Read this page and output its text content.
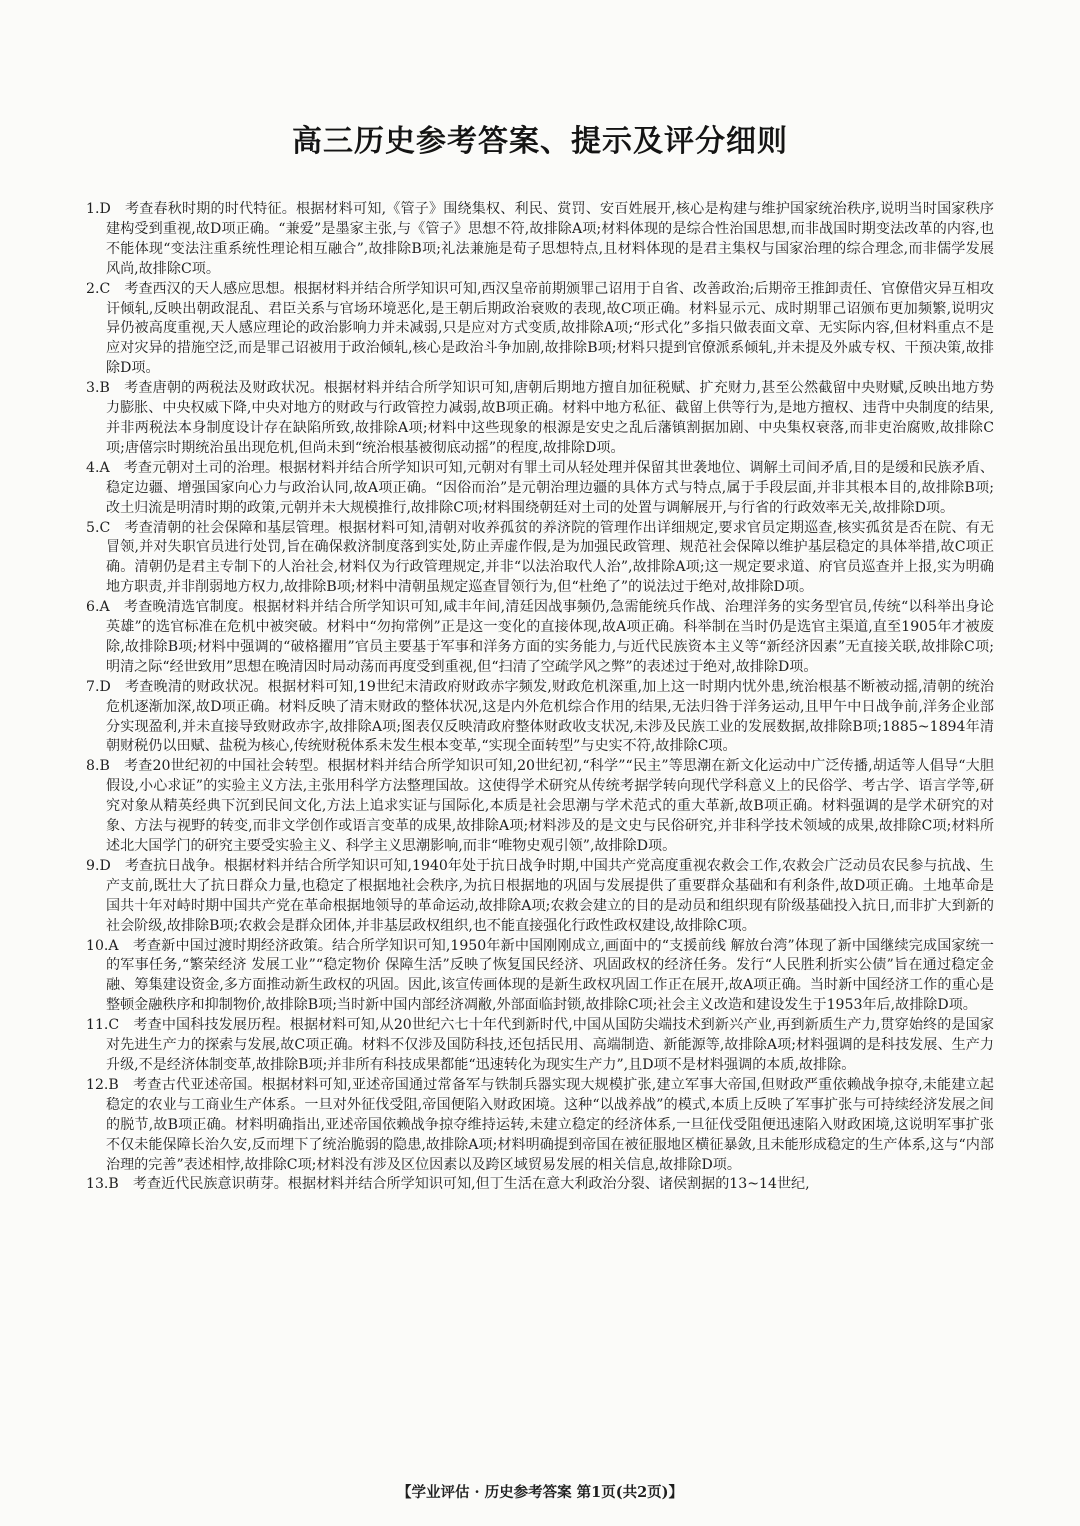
高三历史参考答案、提示及评分细则

1.D  考查春秋时期的时代特征。根据材料可知,《管子》围绕集权、利民、赏罚、安百姓展开,核心是构建与维护国家统治秩序,说明当时国家秩序建构受到重视,故D项正确。“兼爱”是墨家主张,与《管子》思想不符,故排除A项;材料体现的是综合性治国思想,而非战国时期变法改革的内容,也不能体现“变法注重系统性理论相互融合”,故排除B项;礼法兼施是荀子思想特点,且材料体现的是君主集权与国家治理的综合理念,而非儒学发展风尚,故排除C项。

2.C  考查西汉的天人感应思想。根据材料并结合所学知识可知,西汉皇帝前期颁罪己诏用于自省、改善政治;后期帝王推卸责任、官僚借灾异互相攻讦倾轧,反映出朝政混乱、君臣关系与官场环境恶化,是王朝后期政治衰败的表现,故C项正确。材料显示元、成时期罪己诏颁布更加频繁,说明灾异仍被高度重视,天人感应理论的政治影响力并未减弱,只是应对方式变质,故排除A项;“形式化”多指只做表面文章、无实际内容,但材料重点不是应对灾异的措施空泛,而是罪己诏被用于政治倾轧,核心是政治斗争加剧,故排除B项;材料只提到官僚派系倾轧,并未提及外戚专权、干预决策,故排除D项。

3.B  考查唐朝的两税法及财政状况。根据材料并结合所学知识可知,唐朝后期地方擅自加征税赋、扩充财力,甚至公然截留中央财赋,反映出地方势力膨胀、中央权威下降,中央对地方的财政与行政管控力减弱,故B项正确。材料中地方私征、截留上供等行为,是地方擅权、违背中央制度的结果,并非两税法本身制度设计存在缺陷所致,故排除A项;材料中这些现象的根源是安史之乱后藩镇割据加剧、中央集权衰落,而非吏治腐败,故排除C项;唐僖宗时期统治虽出现危机,但尚未到“统治根基被彻底动摇”的程度,故排除D项。

4.A  考查元朝对土司的治理。根据材料并结合所学知识可知,元朝对有罪土司从轻处理并保留其世袭地位、调解土司间矛盾,目的是缓和民族矛盾、稳定边疆、增强国家向心力与政治认同,故A项正确。“因俗而治”是元朝治理边疆的具体方式与特点,属于手段层面,并非其根本目的,故排除B项;改土归流是明清时期的政策,元朝并未大规模推行,故排除C项;材料围绕朝廷对土司的处置与调解展开,与行省的行政效率无关,故排除D项。

5.C  考查清朝的社会保障和基层管理。根据材料可知,清朝对收养孤贫的养济院的管理作出详细规定,要求官员定期巡查,核实孤贫是否在院、有无冒领,并对失职官员进行处罚,旨在确保救济制度落到实处,防止弄虚作假,是为加强民政管理、规范社会保障以维护基层稳定的具体举措,故C项正确。清朝仍是君主专制下的人治社会,材料仅为行政管理规定,并非“以法治取代人治”,故排除A项;这一规定要求道、府官员巡查并上报,实为明确地方职责,并非削弱地方权力,故排除B项;材料中清朝虽规定巡查冒领行为,但“杜绝了”的说法过于绝对,故排除D项。

6.A  考查晚清选官制度。根据材料并结合所学知识可知,咸丰年间,清廷因战事频仍,急需能统兵作战、治理洋务的实务型官员,传统“以科举出身论英雄”的选官标准在危机中被突破。材料中“勿拘常例”正是这一变化的直接体现,故A项正确。科举制在当时仍是选官主渠道,直至1905年才被废除,故排除B项;材料中强调的“破格擢用”官员主要基于军事和洋务方面的实务能力,与近代民族资本主义等“新经济因素”无直接关联,故排除C项;明清之际“经世致用”思想在晚清因时局动荡而再度受到重视,但“扫清了空疏学风之弊”的表述过于绝对,故排除D项。

7.D  考查晚清的财政状况。根据材料可知,19世纪末清政府财政赤字频发,财政危机深重,加上这一时期内忧外患,统治根基不断被动摇,清朝的统治危机逐渐加深,故D项正确。材料反映了清末财政的整体状况,这是内外危机综合作用的结果,无法归咎于洋务运动,且甲午中日战争前,洋务企业部分实现盈利,并未直接导致财政赤字,故排除A项;图表仅反映清政府整体财政收支状况,未涉及民族工业的发展数据,故排除B项;1885~1894年清朝财税仍以田赋、盐税为核心,传统财税体系未发生根本变革,“实现全面转型”与史实不符,故排除C项。

8.B  考查20世纪初的中国社会转型。根据材料并结合所学知识可知,20世纪初,“科学”“民主”等思潮在新文化运动中广泛传播,胡适等人倡导“大胆假设,小心求证”的实验主义方法,主张用科学方法整理国故。这使得学术研究从传统考据学转向现代学科意义上的民俗学、考古学、语言学等,研究对象从精英经典下沉到民间文化,方法上追求实证与国际化,本质是社会思潮与学术范式的重大革新,故B项正确。材料强调的是学术研究的对象、方法与视野的转变,而非文学创作或语言变革的成果,故排除A项;材料涉及的是文史与民俗研究,并非科学技术领域的成果,故排除C项;材料所述北大国学门的研究主要受实验主义、科学主义思潮影响,而非“唯物史观引领”,故排除D项。

9.D  考查抗日战争。根据材料并结合所学知识可知,1940年处于抗日战争时期,中国共产党高度重视农救会工作,农救会广泛动员农民参与抗战、生产支前,既壮大了抗日群众力量,也稳定了根据地社会秩序,为抗日根据地的巩固与发展提供了重要群众基础和有利条件,故D项正确。土地革命是国共十年对峙时期中国共产党在革命根据地领导的革命运动,故排除A项;农救会建立的目的是动员和组织现有阶级基础投入抗日,而非扩大到新的社会阶级,故排除B项;农救会是群众团体,并非基层政权组织,也不能直接强化行政性政权建设,故排除C项。

10.A  考查新中国过渡时期经济政策。结合所学知识可知,1950年新中国刚刚成立,画面中的“支援前线 解放台湾”体现了新中国继续完成国家统一的军事任务,“繁荣经济 发展工业”“稳定物价 保障生活”反映了恢复国民经济、巩固政权的经济任务。发行“人民胜利折实公债”旨在通过稳定金融、筹集建设资金,多方面推动新生政权的巩固。因此,该宣传画体现的是新生政权巩固工作正在展开,故A项正确。当时新中国经济工作的重心是整顿金融秩序和抑制物价,故排除B项;当时新中国内部经济凋敝,外部面临封锁,故排除C项;社会主义改造和建设发生于1953年后,故排除D项。

11.C  考查中国科技发展历程。根据材料可知,从20世纪六七十年代到新时代,中国从国防尖端技术到新兴产业,再到新质生产力,贯穿始终的是国家对先进生产力的探索与发展,故C项正确。材料不仅涉及国防科技,还包括民用、高端制造、新能源等,故排除A项;材料强调的是科技发展、生产力升级,不是经济体制变革,故排除B项;并非所有科技成果都能“迅速转化为现实生产力”,且D项不是材料强调的本质,故排除。

12.B  考查古代亚述帝国。根据材料可知,亚述帝国通过常备军与铁制兵器实现大规模扩张,建立军事大帝国,但财政严重依赖战争掠夺,未能建立起稳定的农业与工商业生产体系。一旦对外征伐受阻,帝国便陷入财政困境。这种“以战养战”的模式,本质上反映了军事扩张与可持续经济发展之间的脱节,故B项正确。材料明确指出,亚述帝国依赖战争掠夺维持运转,未建立稳定的经济体系,一旦征伐受阻便迅速陷入财政困境,这说明军事扩张不仅未能保障长治久安,反而埋下了统治脆弱的隐患,故排除A项;材料明确提到帝国在被征服地区横征暴敛,且未能形成稳定的生产体系,这与“内部治理的完善”表述相悖,故排除C项;材料没有涉及区位因素以及跨区域贸易发展的相关信息,故排除D项。

13.B  考查近代民族意识萌芽。根据材料并结合所学知识可知,但丁生活在意大利政治分裂、诸侯割据的13~14世纪,

【学业评估 · 历史参考答案 第1页(共2页)】
